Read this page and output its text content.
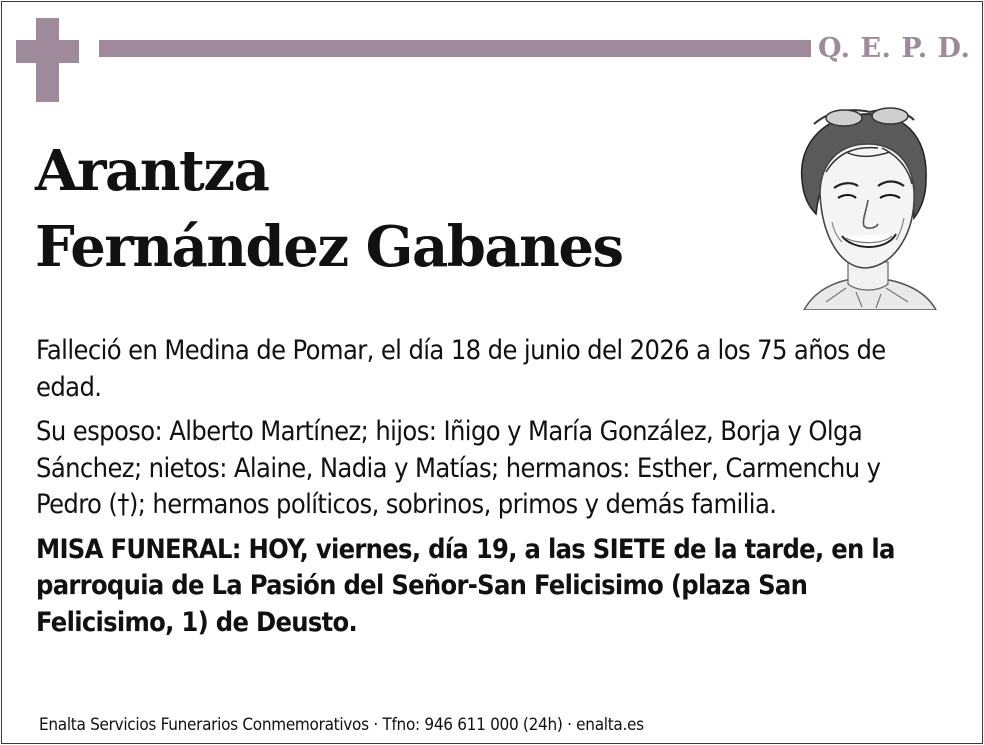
Q. E. P. D.
Arantza
Fernández Gabanes

Falleció en Medina de Pomar, el día 18 de junio del 2026 a los 75 años de edad.

Su esposo: Alberto Martínez; hijos: Iñigo y María González, Borja y Olga Sánchez; nietos: Alaine, Nadia y Matías; hermanos: Esther, Carmenchu y Pedro (†); hermanos políticos, sobrinos, primos y demás familia.

MISA FUNERAL: HOY, viernes, día 19, a las SIETE de la tarde, en la parroquia de La Pasión del Señor-San Felicisimo (plaza San Felicisimo, 1) de Deusto.

Enalta Servicios Funerarios Conmemorativos · Tfno: 946 611 000 (24h) · enalta.es
